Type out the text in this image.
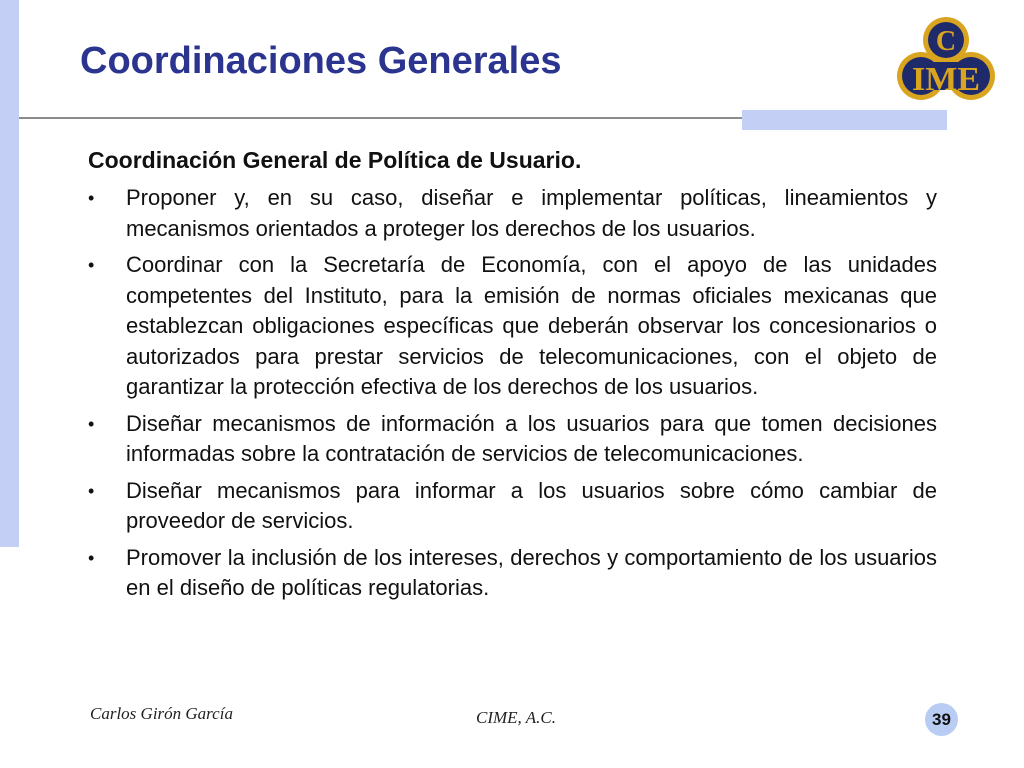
Coordinaciones Generales	C
IME

Coordinación General de Política de Usuario.

• Proponer y, en su caso, diseñar e implementar políticas, lineamientos y mecanismos orientados a proteger los derechos de los usuarios.
• Coordinar con la Secretaría de Economía, con el apoyo de las unidades competentes del Instituto, para la emisión de normas oficiales mexicanas que establezcan obligaciones específicas que deberán observar los concesionarios o autorizados para prestar servicios de telecomunicaciones, con el objeto de garantizar la protección efectiva de los derechos de los usuarios.
• Diseñar mecanismos de información a los usuarios para que tomen decisiones informadas sobre la contratación de servicios de telecomunicaciones.
• Diseñar mecanismos para informar a los usuarios sobre cómo cambiar de proveedor de servicios.
• Promover la inclusión de los intereses, derechos y comportamiento de los usuarios en el diseño de políticas regulatorias.
Carlos Girón García	CIME, A.C.	39
